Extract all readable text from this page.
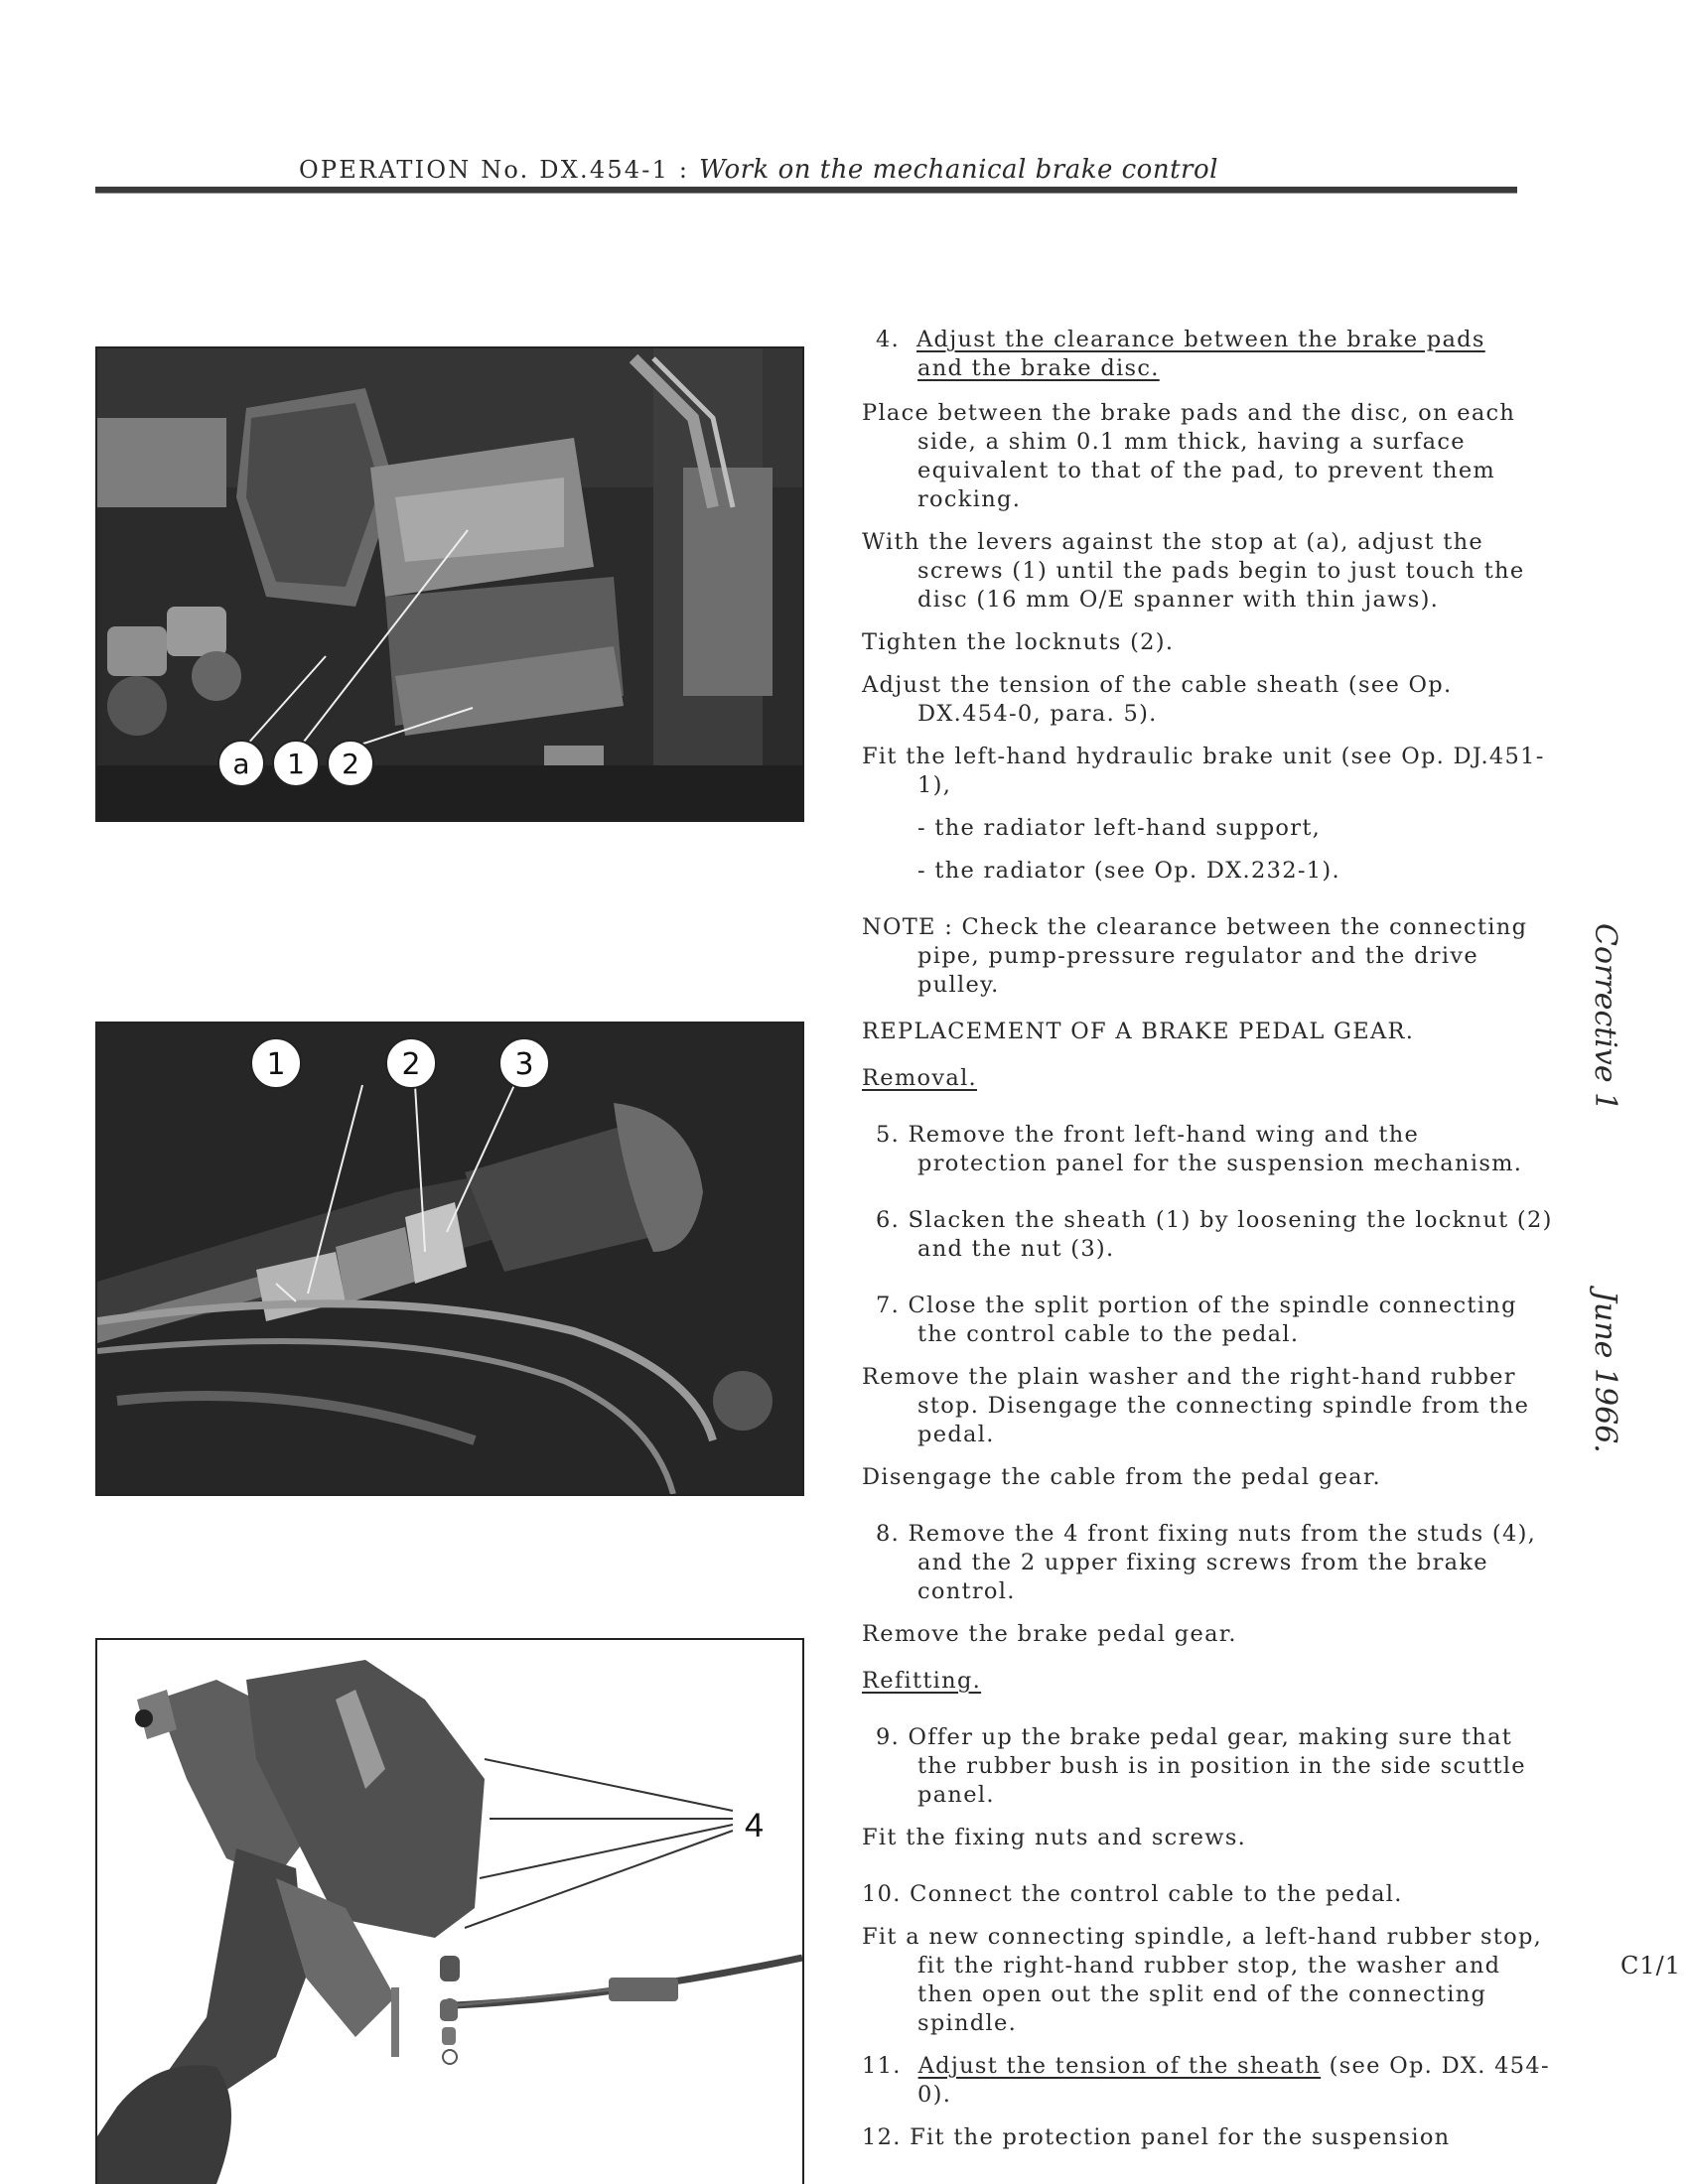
OPERATION No. DX.454-1 : Work on the mechanical brake control
a 1 2
1	2	3
4

4. Adjust the clearance between the brake pads
and the brake disc.

Place between the brake pads and the disc, on each side, a shim 0.1 mm thick, having a surface equivalent to that of the pad, to prevent them rocking.

With the levers against the stop at (a), adjust the screws (1) until the pads begin to just touch the disc (16 mm O/E spanner with thin jaws).

Tighten the locknuts (2).

Adjust the tension of the cable sheath (see Op. DX.454-0, para. 5).

Fit the left-hand hydraulic brake unit (see Op. DJ.451-1),

- the radiator left-hand support,

- the radiator (see Op. DX.232-1).

NOTE : Check the clearance between the connecting pipe, pump-pressure regulator and the drive pulley.

REPLACEMENT OF A BRAKE PEDAL GEAR.

Removal.

5. Remove the front left-hand wing and the protection panel for the suspension mechanism.

6. Slacken the sheath (1) by loosening the locknut (2) and the nut (3).

7. Close the split portion of the spindle connecting the control cable to the pedal.

Remove the plain washer and the right-hand rubber stop. Disengage the connecting spindle from the pedal.

Disengage the cable from the pedal gear.

8. Remove the 4 front fixing nuts from the studs (4), and the 2 upper fixing screws from the brake control.

Remove the brake pedal gear.

Refitting.

9. Offer up the brake pedal gear, making sure that the rubber bush is in position in the side scuttle panel.

Fit the fixing nuts and screws.

10. Connect the control cable to the pedal.

Fit a new connecting spindle, a left-hand rubber stop, fit the right-hand rubber stop, the washer and then open out the split end of the connecting spindle.

11. Adjust the tension of the sheath (see Op. DX. 454-0).

12. Fit the protection panel for the suspension

Corrective 1
June 1966.
C1/1
